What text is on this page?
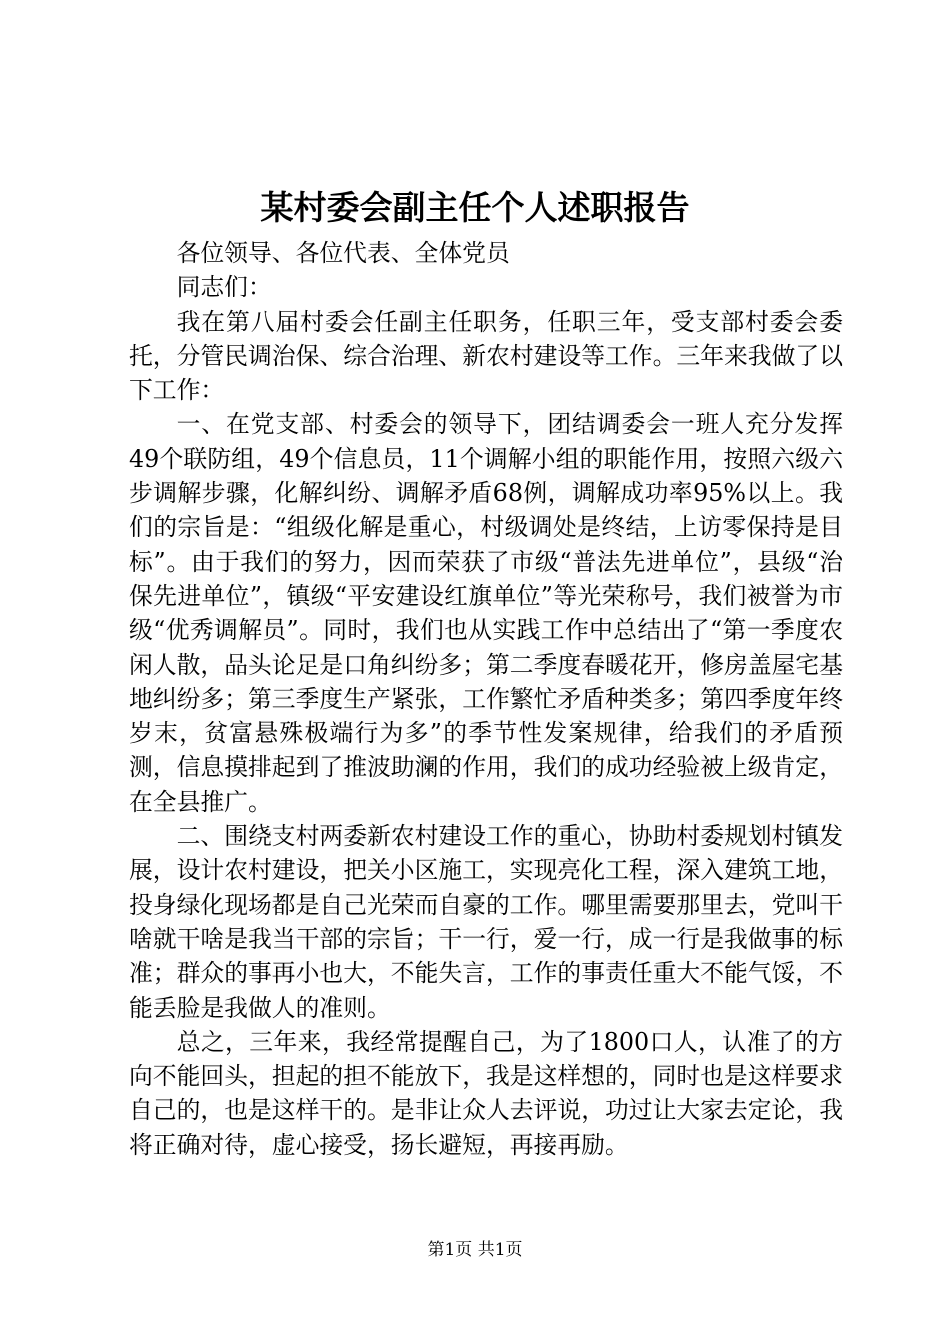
某村委会副主任个人述职报告

各位领导、各位代表、全体党员

同志们：

我在第八届村委会任副主任职务，任职三年，受支部村委会委托，分管民调治保、综合治理、新农村建设等工作。三年来我做了以下工作：

一、在党支部、村委会的领导下，团结调委会一班人充分发挥49个联防组，49个信息员，11个调解小组的职能作用，按照六级六步调解步骤，化解纠纷、调解矛盾68例，调解成功率95%以上。我们的宗旨是：“组级化解是重心，村级调处是终结，上访零保持是目标”。由于我们的努力，因而荣获了市级“普法先进单位”，县级“治保先进单位”，镇级“平安建设红旗单位”等光荣称号，我们被誉为市级“优秀调解员”。同时，我们也从实践工作中总结出了“第一季度农闲人散，品头论足是口角纠纷多；第二季度春暖花开，修房盖屋宅基地纠纷多；第三季度生产紧张，工作繁忙矛盾种类多；第四季度年终岁末，贫富悬殊极端行为多”的季节性发案规律，给我们的矛盾预测，信息摸排起到了推波助澜的作用，我们的成功经验被上级肯定，在全县推广。

二、围绕支村两委新农村建设工作的重心，协助村委规划村镇发展，设计农村建设，把关小区施工，实现亮化工程，深入建筑工地，投身绿化现场都是自己光荣而自豪的工作。哪里需要那里去，党叫干啥就干啥是我当干部的宗旨；干一行，爱一行，成一行是我做事的标准；群众的事再小也大，不能失言，工作的事责任重大不能气馁，不能丢脸是我做人的准则。

总之，三年来，我经常提醒自己，为了1800口人，认准了的方向不能回头，担起的担不能放下，我是这样想的，同时也是这样要求自己的，也是这样干的。是非让众人去评说，功过让大家去定论，我将正确对待，虚心接受，扬长避短，再接再励。

第1页 共1页
